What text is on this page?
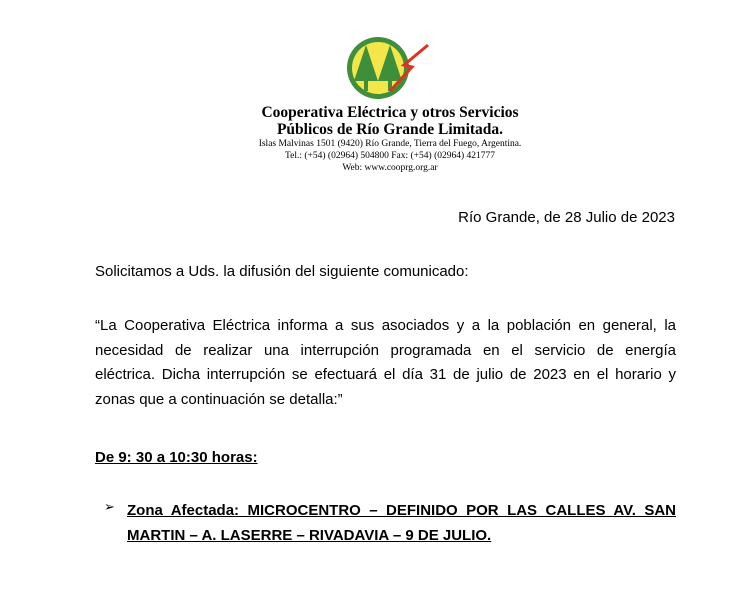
Cooperativa Eléctrica y otros Servicios
Públicos de Río Grande Limitada.
Islas Malvinas 1501 (9420) Río Grande, Tierra del Fuego, Argentina.
Tel.: (+54) (02964) 504800 Fax: (+54) (02964) 421777
Web: www.cooprg.org.ar
Río Grande, de 28 Julio de 2023
Solicitamos a Uds. la difusión del siguiente comunicado:
“La Cooperativa Eléctrica informa a sus asociados y a la población en general, la
necesidad de realizar una interrupción programada en el servicio de energía
eléctrica. Dicha interrupción se efectuará el día 31 de julio de 2023 en el horario y
zonas que a continuación se detalla:”
De 9: 30 a 10:30 horas:
➢ Zona Afectada: MICROCENTRO – DEFINIDO POR LAS CALLES AV. SAN
MARTIN – A. LASERRE – RIVADAVIA – 9 DE JULIO.
